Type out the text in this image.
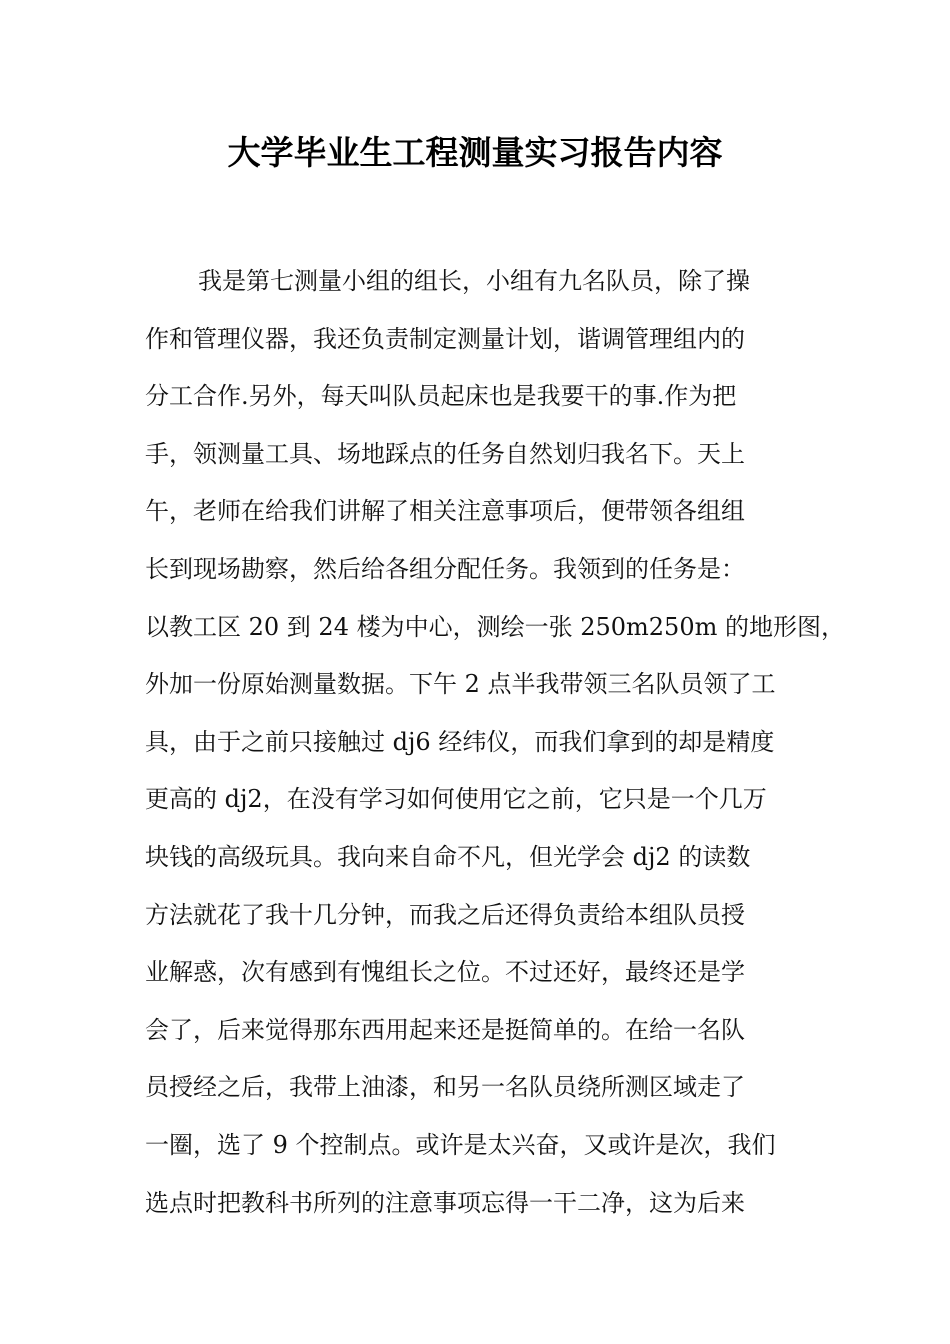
大学毕业生工程测量实习报告内容
我是第七测量小组的组长，小组有九名队员，除了操
作和管理仪器，我还负责制定测量计划，谐调管理组内的
分工合作.另外，每天叫队员起床也是我要干的事.作为把
手，领测量工具、场地踩点的任务自然划归我名下。天上
午，老师在给我们讲解了相关注意事项后，便带领各组组
长到现场勘察，然后给各组分配任务。我领到的任务是：
以教工区 20 到 24 楼为中心，测绘一张 250m250m 的地形图，
外加一份原始测量数据。下午 2 点半我带领三名队员领了工
具，由于之前只接触过 dj6 经纬仪，而我们拿到的却是精度
更高的 dj2，在没有学习如何使用它之前，它只是一个几万
块钱的高级玩具。我向来自命不凡，但光学会 dj2 的读数
方法就花了我十几分钟，而我之后还得负责给本组队员授
业解惑，次有感到有愧组长之位。不过还好，最终还是学
会了，后来觉得那东西用起来还是挺简单的。在给一名队
员授经之后，我带上油漆，和另一名队员绕所测区域走了
一圈，选了 9 个控制点。或许是太兴奋，又或许是次，我们
选点时把教科书所列的注意事项忘得一干二净，这为后来
